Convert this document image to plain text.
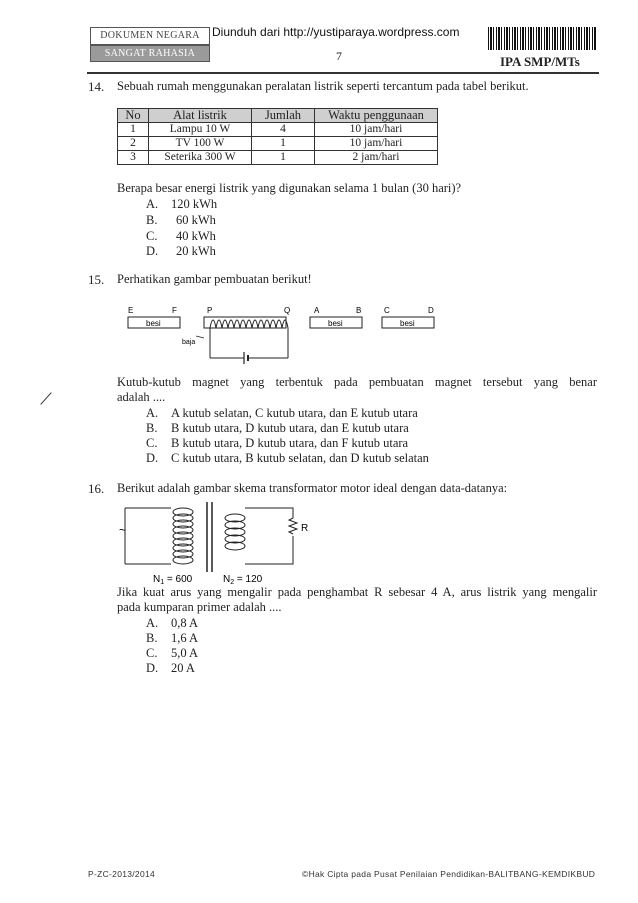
DOKUMEN NEGARA
SANGAT RAHASIA
Diunduh dari http://yustiparaya.wordpress.com
7	IPA SMP/MTs
14. Sebuah rumah menggunakan peralatan listrik seperti tercantum pada tabel berikut.
No	Alat listrik	Jumlah	Waktu penggunaan
1	Lampu 10 W	4	10 jam/hari
2	TV 100 W	1	10 jam/hari
3	Seterika 300 W	1	2 jam/hari
Berapa besar energi listrik yang digunakan selama 1 bulan (30 hari)?
A. 120 kWh
B. 60 kWh
C. 40 kWh
D. 20 kWh
15. Perhatikan gambar pembuatan berikut!
E	F
besi
P	Q
baja
A	B
besi
C	D
besi
Kutub-kutub magnet yang terbentuk pada pembuatan magnet tersebut yang benar
adalah ....
A. A kutub selatan, C kutub utara, dan E kutub utara
B. B kutub utara, D kutub utara, dan E kutub utara
C. B kutub utara, D kutub utara, dan F kutub utara
D. C kutub utara, B kutub selatan, dan D kutub selatan
16. Berikut adalah gambar skema transformator motor ideal dengan data-datanya:
~	R
$N_1 = 600$	$N_2 = 120$
Jika kuat arus yang mengalir pada penghambat R sebesar 4 A, arus listrik yang mengalir
pada kumparan primer adalah ....
A. 0,8 A
B. 1,6 A
C. 5,0 A
D. 20 A
P-ZC-2013/2014	©Hak Cipta pada Pusat Penilaian Pendidikan-BALITBANG-KEMDIKBUD
